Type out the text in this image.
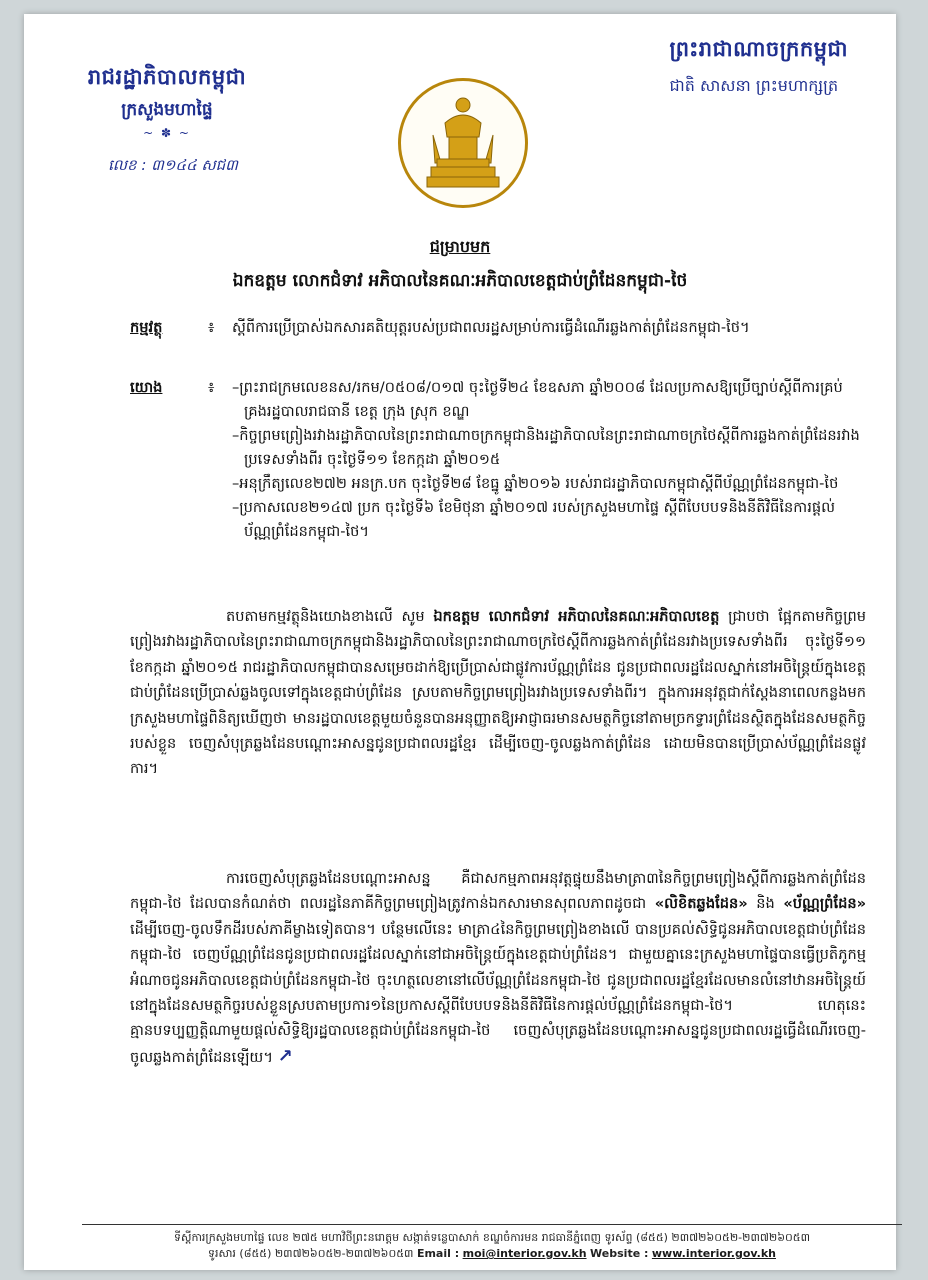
រាជរដ្ឋាភិបាលកម្ពុជា
ក្រសួងមហាផ្ទៃ
~ ✽ ~
លេខ : ៣១៤៤ សជ៣
ព្រះរាជាណាចក្រកម្ពុជា
ជាតិ សាសនា ព្រះមហាក្សត្រ
ជម្រាបមក
ឯកឧត្តម លោកជំទាវ អភិបាលនៃគណៈអភិបាលខេត្តជាប់ព្រំដែនកម្ពុជា-ថៃ
កម្មវត្ថុ	៖ ស្តីពីការប្រើប្រាស់ឯកសារគតិយុត្តរបស់ប្រជាពលរដ្ឋសម្រាប់ការធ្វើដំណើរឆ្លងកាត់ព្រំដែនកម្ពុជា-ថៃ។
យោង	៖ –ព្រះរាជក្រមលេខនស/រកម/០៥០៨/០១៧ ចុះថ្ងៃទី២៤ ខែឧសភា ឆ្នាំ២០០៨ ដែលប្រកាសឱ្យប្រើច្បាប់ស្តីពីការគ្រប់គ្រងរដ្ឋបាលរាជធានី ខេត្ត ក្រុង ស្រុក ខណ្ឌ
–កិច្ចព្រមព្រៀងរវាងរដ្ឋាភិបាលនៃព្រះរាជាណាចក្រកម្ពុជានិងរដ្ឋាភិបាលនៃព្រះរាជាណាចក្រថៃស្តីពីការឆ្លងកាត់ព្រំដែនរវាងប្រទេសទាំងពីរ ចុះថ្ងៃទី១១ ខែកក្កដា ឆ្នាំ២០១៥
–អនុក្រឹត្យលេខ២៧២ អនក្រ.បក ចុះថ្ងៃទី២៨ ខែធ្នូ ឆ្នាំ២០១៦ របស់រាជរដ្ឋាភិបាលកម្ពុជាស្តីពីប័ណ្ណព្រំដែនកម្ពុជា-ថៃ
–ប្រកាសលេខ២១៤៧ ប្រក ចុះថ្ងៃទី៦ ខែមិថុនា ឆ្នាំ២០១៧ របស់ក្រសួងមហាផ្ទៃ ស្តីពីបែបបទនិងនីតិវិធីនៃការផ្តល់ប័ណ្ណព្រំដែនកម្ពុជា-ថៃ។
តបតាមកម្មវត្ថុនិងយោងខាងលើ សូម ឯកឧត្តម លោកជំទាវ អភិបាលនៃគណៈអភិបាលខេត្ត ជ្រាបថា ផ្អែកតាមកិច្ចព្រមព្រៀងរវាងរដ្ឋាភិបាលនៃព្រះរាជាណាចក្រកម្ពុជានិងរដ្ឋាភិបាលនៃព្រះរាជាណាចក្រថៃស្តីពីការឆ្លងកាត់ព្រំដែនរវាងប្រទេសទាំងពីរ ចុះថ្ងៃទី១១ ខែកក្កដា ឆ្នាំ២០១៥ រាជរដ្ឋាភិបាលកម្ពុជាបានសម្រេចដាក់ឱ្យប្រើប្រាស់ជាផ្លូវការប័ណ្ណព្រំដែន ជូនប្រជាពលរដ្ឋដែលស្នាក់នៅអចិន្ត្រៃយ៍ក្នុងខេត្តជាប់ព្រំដែនប្រើប្រាស់ឆ្លងចូលទៅក្នុងខេត្តជាប់ព្រំដែន ស្របតាមកិច្ចព្រមព្រៀងរវាងប្រទេសទាំងពីរ។ ក្នុងការអនុវត្តជាក់ស្តែងនាពេលកន្លងមក ក្រសួងមហាផ្ទៃពិនិត្យឃើញថា មានរដ្ឋបាលខេត្តមួយចំនួនបានអនុញ្ញាតឱ្យអាជ្ញាធរមានសមត្ថកិច្ចនៅតាមច្រកទ្វារព្រំដែនស្ថិតក្នុងដែនសមត្ថកិច្ចរបស់ខ្លួន ចេញសំបុត្រឆ្លងដែនបណ្តោះអាសន្នជូនប្រជាពលរដ្ឋខ្មែរ ដើម្បីចេញ-ចូលឆ្លងកាត់ព្រំដែន ដោយមិនបានប្រើប្រាស់ប័ណ្ណព្រំដែនផ្លូវការ។
ការចេញសំបុត្រឆ្លងដែនបណ្តោះអាសន្ន គឺជាសកម្មភាពអនុវត្តផ្ទុយនឹងមាត្រា៣នៃកិច្ចព្រមព្រៀងស្តីពីការឆ្លងកាត់ព្រំដែនកម្ពុជា-ថៃ ដែលបានកំណត់ថា ពលរដ្ឋនៃភាគីកិច្ចព្រមព្រៀងត្រូវកាន់ឯកសារមានសុពលភាពដូចជា «លិខិតឆ្លងដែន» និង «ប័ណ្ណព្រំដែន» ដើម្បីចេញ-ចូលទឹកដីរបស់ភាគីម្ខាងទៀតបាន។ បន្ថែមលើនេះ មាត្រា៤នៃកិច្ចព្រមព្រៀងខាងលើ បានប្រគល់សិទ្ធិជូនអភិបាលខេត្តជាប់ព្រំដែនកម្ពុជា-ថៃ ចេញប័ណ្ណព្រំដែនជូនប្រជាពលរដ្ឋដែលស្នាក់នៅជាអចិន្ត្រៃយ៍ក្នុងខេត្តជាប់ព្រំដែន។ ជាមួយគ្នានេះក្រសួងមហាផ្ទៃបានធ្វើប្រតិភូកម្មអំណាចជូនអភិបាលខេត្តជាប់ព្រំដែនកម្ពុជា-ថៃ ចុះហត្ថលេខានៅលើប័ណ្ណព្រំដែនកម្ពុជា-ថៃ ជូនប្រជាពលរដ្ឋខ្មែរដែលមានលំនៅឋានអចិន្ត្រៃយ៍នៅក្នុងដែនសមត្ថកិច្ចរបស់ខ្លួនស្របតាមប្រការ១នៃប្រកាសស្តីពីបែបបទនិងនីតិវិធីនៃការផ្តល់ប័ណ្ណព្រំដែនកម្ពុជា-ថៃ។ ហេតុនេះ គ្មានបទប្បញ្ញត្តិណាមួយផ្តល់សិទ្ធិឱ្យរដ្ឋបាលខេត្តជាប់ព្រំដែនកម្ពុជា-ថៃ ចេញសំបុត្រឆ្លងដែនបណ្តោះអាសន្នជូនប្រជាពលរដ្ឋធ្វើដំណើរចេញ-ចូលឆ្លងកាត់ព្រំដែនឡើយ។ ↗
ទីស្តីការក្រសួងមហាផ្ទៃ លេខ ២៧៥ មហាវិថីព្រះនរោត្តម សង្កាត់ទន្លេបាសាក់ ខណ្ឌចំការមន រាជធានីភ្នំពេញ ទូរស័ព្ទ (៨៥៥) ២៣៧២៦០៥២-២៣៧២៦០៥៣
ទូរសារ (៨៥៥) ២៣៧២៦០៥២-២៣៧២៦០៥៣ Email : moi@interior.gov.kh Website : www.interior.gov.kh
